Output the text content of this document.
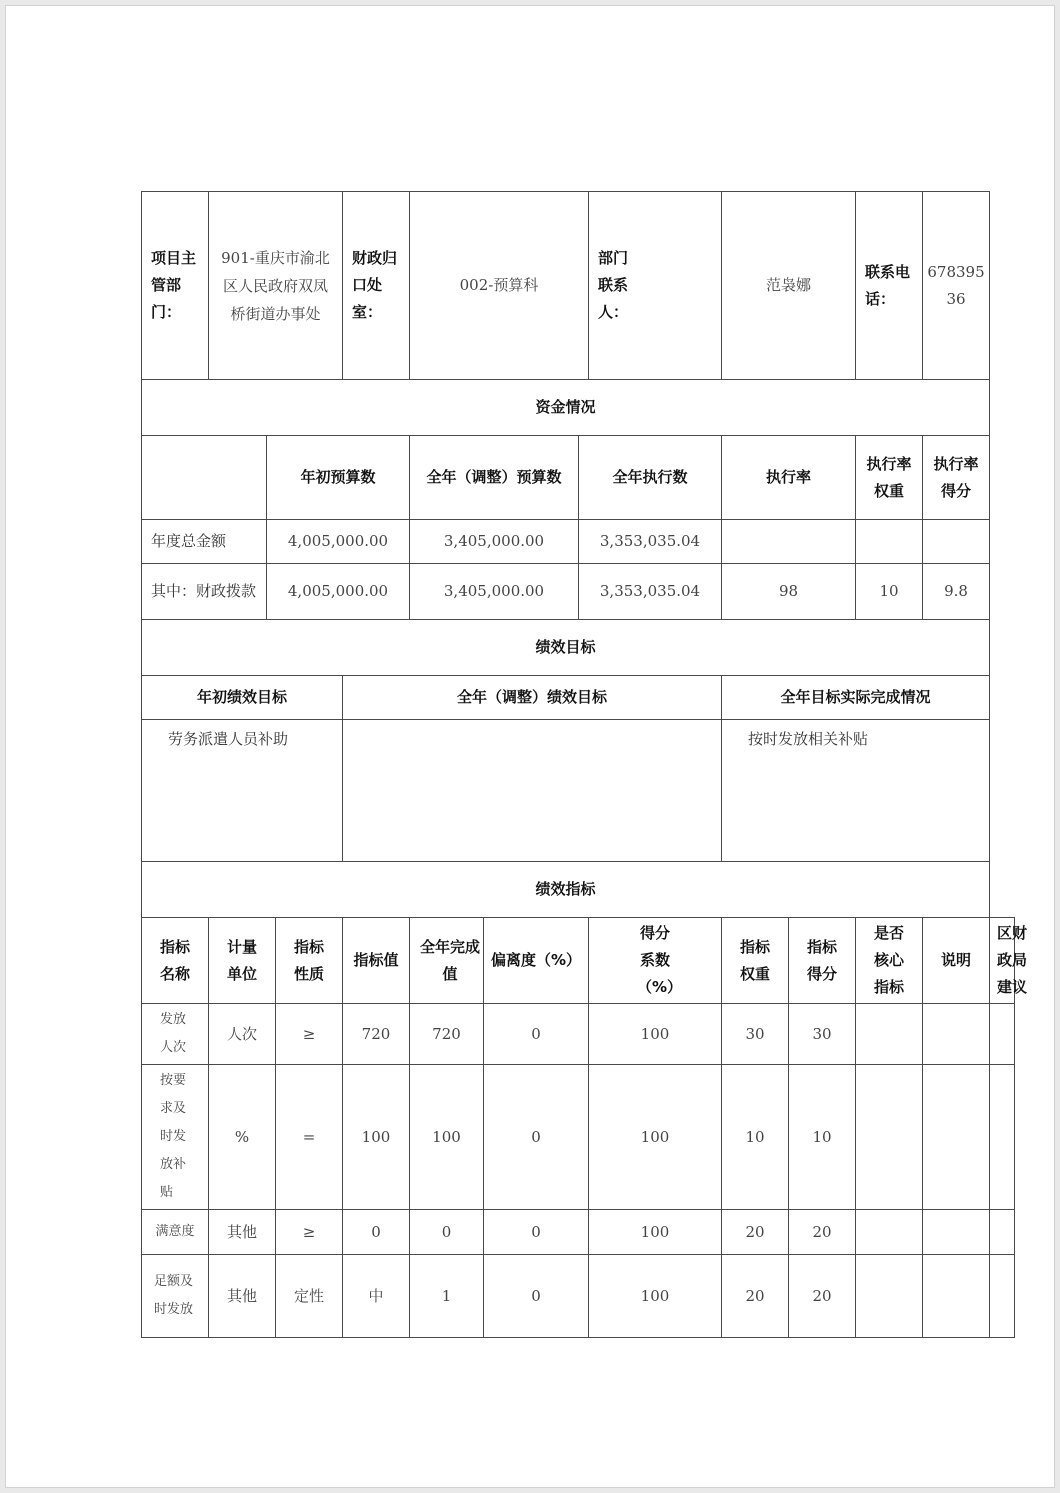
项目主管部门：	901-重庆市渝北区人民政府双凤桥街道办事处			财政归口处室：	002-预算科			部门联系人：	范袅娜		联系电话：	67839536	
资金情况													
		年初预算数			全年（调整）预算数		全年执行数		执行率		执行率权重	执行率得分	
年度总金额		4,005,000.00			3,405,000.00		3,353,035.04						
其中：财政拨款		4,005,000.00			3,405,000.00		3,353,035.04		98		10	9.8	
绩效目标													
年初绩效目标				全年（调整）绩效目标					全年目标实际完成情况				
劳务派遣人员补助									按时发放相关补贴				
绩效指标													

指标名称	计量单位		指标性质	指标值	全年完成值	偏离度（%）		得分系数（%）	指标权重	指标得分	是否核心指标	说明	区财政局建议

发放人次	人次		≥	720	720	0		100	30	30			

按要求及时发放补贴	%		=	100	100	0		100	10	10			
满意度	其他		≥	0	0	0		100	20	20			

足额及时发放	其他		定性	中	1	0		100	20	20			
